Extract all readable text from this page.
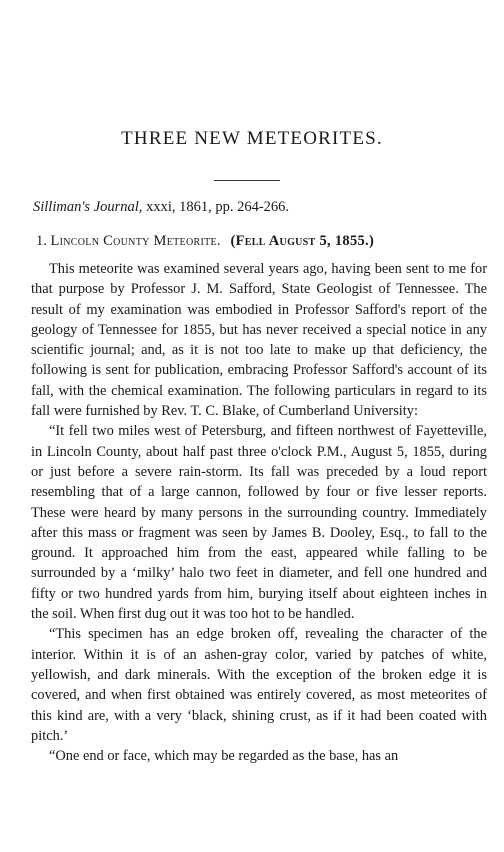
THREE NEW METEORITES.

Silliman's Journal, xxxi, 1861, pp. 264-266.

1. Lincoln County Meteorite. (Fell August 5, 1855.)

This meteorite was examined several years ago, having been sent to me for that purpose by Professor J. M. Safford, State Geologist of Tennessee. The result of my examination was embodied in Professor Safford's report of the geology of Tennessee for 1855, but has never received a special notice in any scientific journal; and, as it is not too late to make up that deficiency, the following is sent for publication, embracing Professor Safford's account of its fall, with the chemical examination. The following particulars in regard to its fall were furnished by Rev. T. C. Blake, of Cumberland University:

“It fell two miles west of Petersburg, and fifteen northwest of Fayetteville, in Lincoln County, about half past three o'clock P.M., August 5, 1855, during or just before a severe rain-storm. Its fall was preceded by a loud report resembling that of a large cannon, followed by four or five lesser reports. These were heard by many persons in the surrounding country. Immediately after this mass or fragment was seen by James B. Dooley, Esq., to fall to the ground. It approached him from the east, appeared while falling to be surrounded by a ‘milky’ halo two feet in diameter, and fell one hundred and fifty or two hundred yards from him, burying itself about eighteen inches in the soil. When first dug out it was too hot to be handled.

“This specimen has an edge broken off, revealing the character of the interior. Within it is of an ashen-gray color, varied by patches of white, yellowish, and dark minerals. With the exception of the broken edge it is covered, and when first obtained was entirely covered, as most meteorites of this kind are, with a very ‘black, shining crust, as if it had been coated with pitch.’

“One end or face, which may be regarded as the base, has an
